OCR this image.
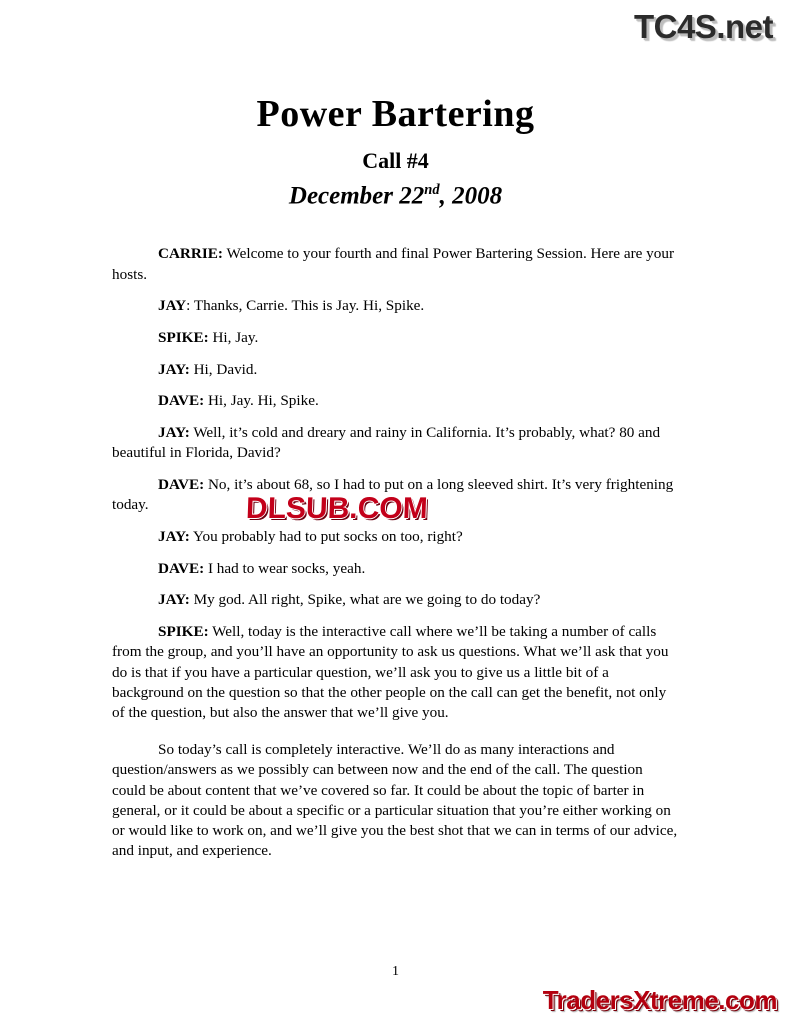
Power Bartering
Call #4
December 22nd, 2008

CARRIE: Welcome to your fourth and final Power Bartering Session. Here are your hosts.

JAY: Thanks, Carrie. This is Jay. Hi, Spike.

SPIKE: Hi, Jay.

JAY: Hi, David.

DAVE: Hi, Jay. Hi, Spike.

JAY: Well, it’s cold and dreary and rainy in California. It’s probably, what? 80 and beautiful in Florida, David?

DAVE: No, it’s about 68, so I had to put on a long sleeved shirt. It’s very frightening today.

JAY: You probably had to put socks on too, right?

DAVE: I had to wear socks, yeah.

JAY: My god. All right, Spike, what are we going to do today?

SPIKE: Well, today is the interactive call where we’ll be taking a number of calls from the group, and you’ll have an opportunity to ask us questions. What we’ll ask that you do is that if you have a particular question, we’ll ask you to give us a little bit of a background on the question so that the other people on the call can get the benefit, not only of the question, but also the answer that we’ll give you.

So today’s call is completely interactive. We’ll do as many interactions and question/answers as we possibly can between now and the end of the call. The question could be about content that we’ve covered so far. It could be about the topic of barter in general, or it could be about a specific or a particular situation that you’re either working on or would like to work on, and we’ll give you the best shot that we can in terms of our advice, and input, and experience.

1
TC4S.net
DLSUB.COM
TradersXtreme.com
